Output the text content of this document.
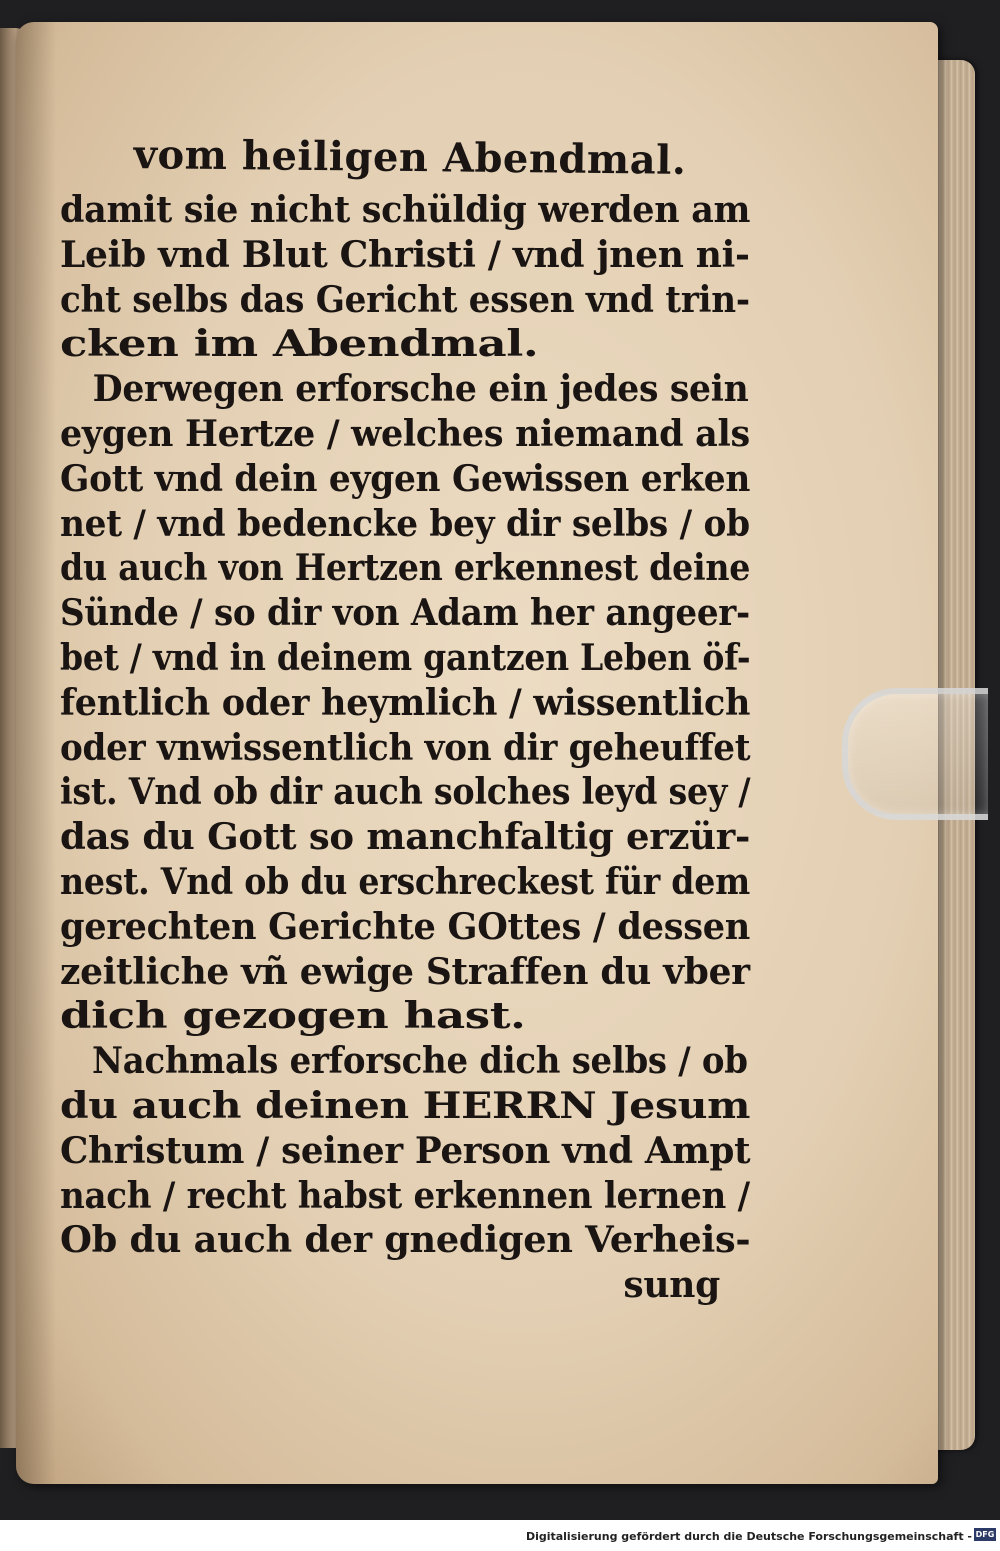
vom heiligen Abendmal.
damit sie nicht schüldig werden am
Leib vnd Blut Christi / vnd jnen ni-
cht selbs das Gericht essen vnd trin-
cken im Abendmal.
Derwegen erforsche ein jedes sein
eygen Hertze / welches niemand als
Gott vnd dein eygen Gewissen erken
net / vnd bedencke bey dir selbs / ob
du auch von Hertzen erkennest deine
Sünde / so dir von Adam her angeer-
bet / vnd in deinem gantzen Leben öf-
fentlich oder heymlich / wissentlich
oder vnwissentlich von dir geheuffet
ist. Vnd ob dir auch solches leyd sey /
das du Gott so manchfaltig erzür-
nest. Vnd ob du erschreckest für dem
gerechten Gerichte GOttes / dessen
zeitliche vñ ewige Straffen du vber
dich gezogen hast.
Nachmals erforsche dich selbs / ob
du auch deinen HERRN Jesum
Christum / seiner Person vnd Ampt
nach / recht habst erkennen lernen /
Ob du auch der gnedigen Verheis-
sung
Digitalisierung gefördert durch die Deutsche Forschungsgemeinschaft - DFG
